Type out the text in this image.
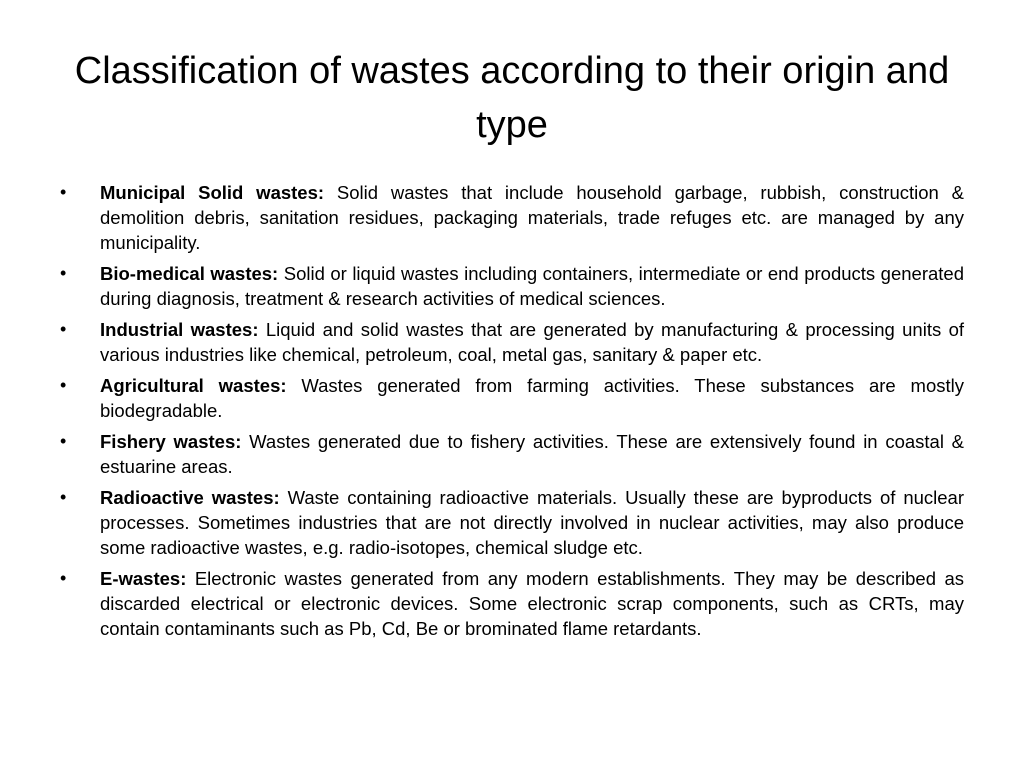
Classification of wastes according to their origin and type
•	Municipal Solid wastes: Solid wastes that include household garbage, rubbish, construction & demolition debris, sanitation residues, packaging materials, trade refuges etc. are managed by any municipality.
•	Bio-medical wastes: Solid or liquid wastes including containers, intermediate or end products generated during diagnosis, treatment & research activities of medical sciences.
•	Industrial wastes: Liquid and solid wastes that are generated by manufacturing & processing units of various industries like chemical, petroleum, coal, metal gas, sanitary & paper etc.
•	Agricultural wastes: Wastes generated from farming activities. These substances are mostly biodegradable.
•	Fishery wastes: Wastes generated due to fishery activities. These are extensively found in coastal & estuarine areas.
•	Radioactive wastes: Waste containing radioactive materials. Usually these are byproducts of nuclear processes. Sometimes industries that are not directly involved in nuclear activities, may also produce some radioactive wastes, e.g. radio-isotopes, chemical sludge etc.
•	E-wastes: Electronic wastes generated from any modern establishments. They may be described as discarded electrical or electronic devices. Some electronic scrap components, such as CRTs, may contain contaminants such as Pb, Cd, Be or brominated flame retardants.
